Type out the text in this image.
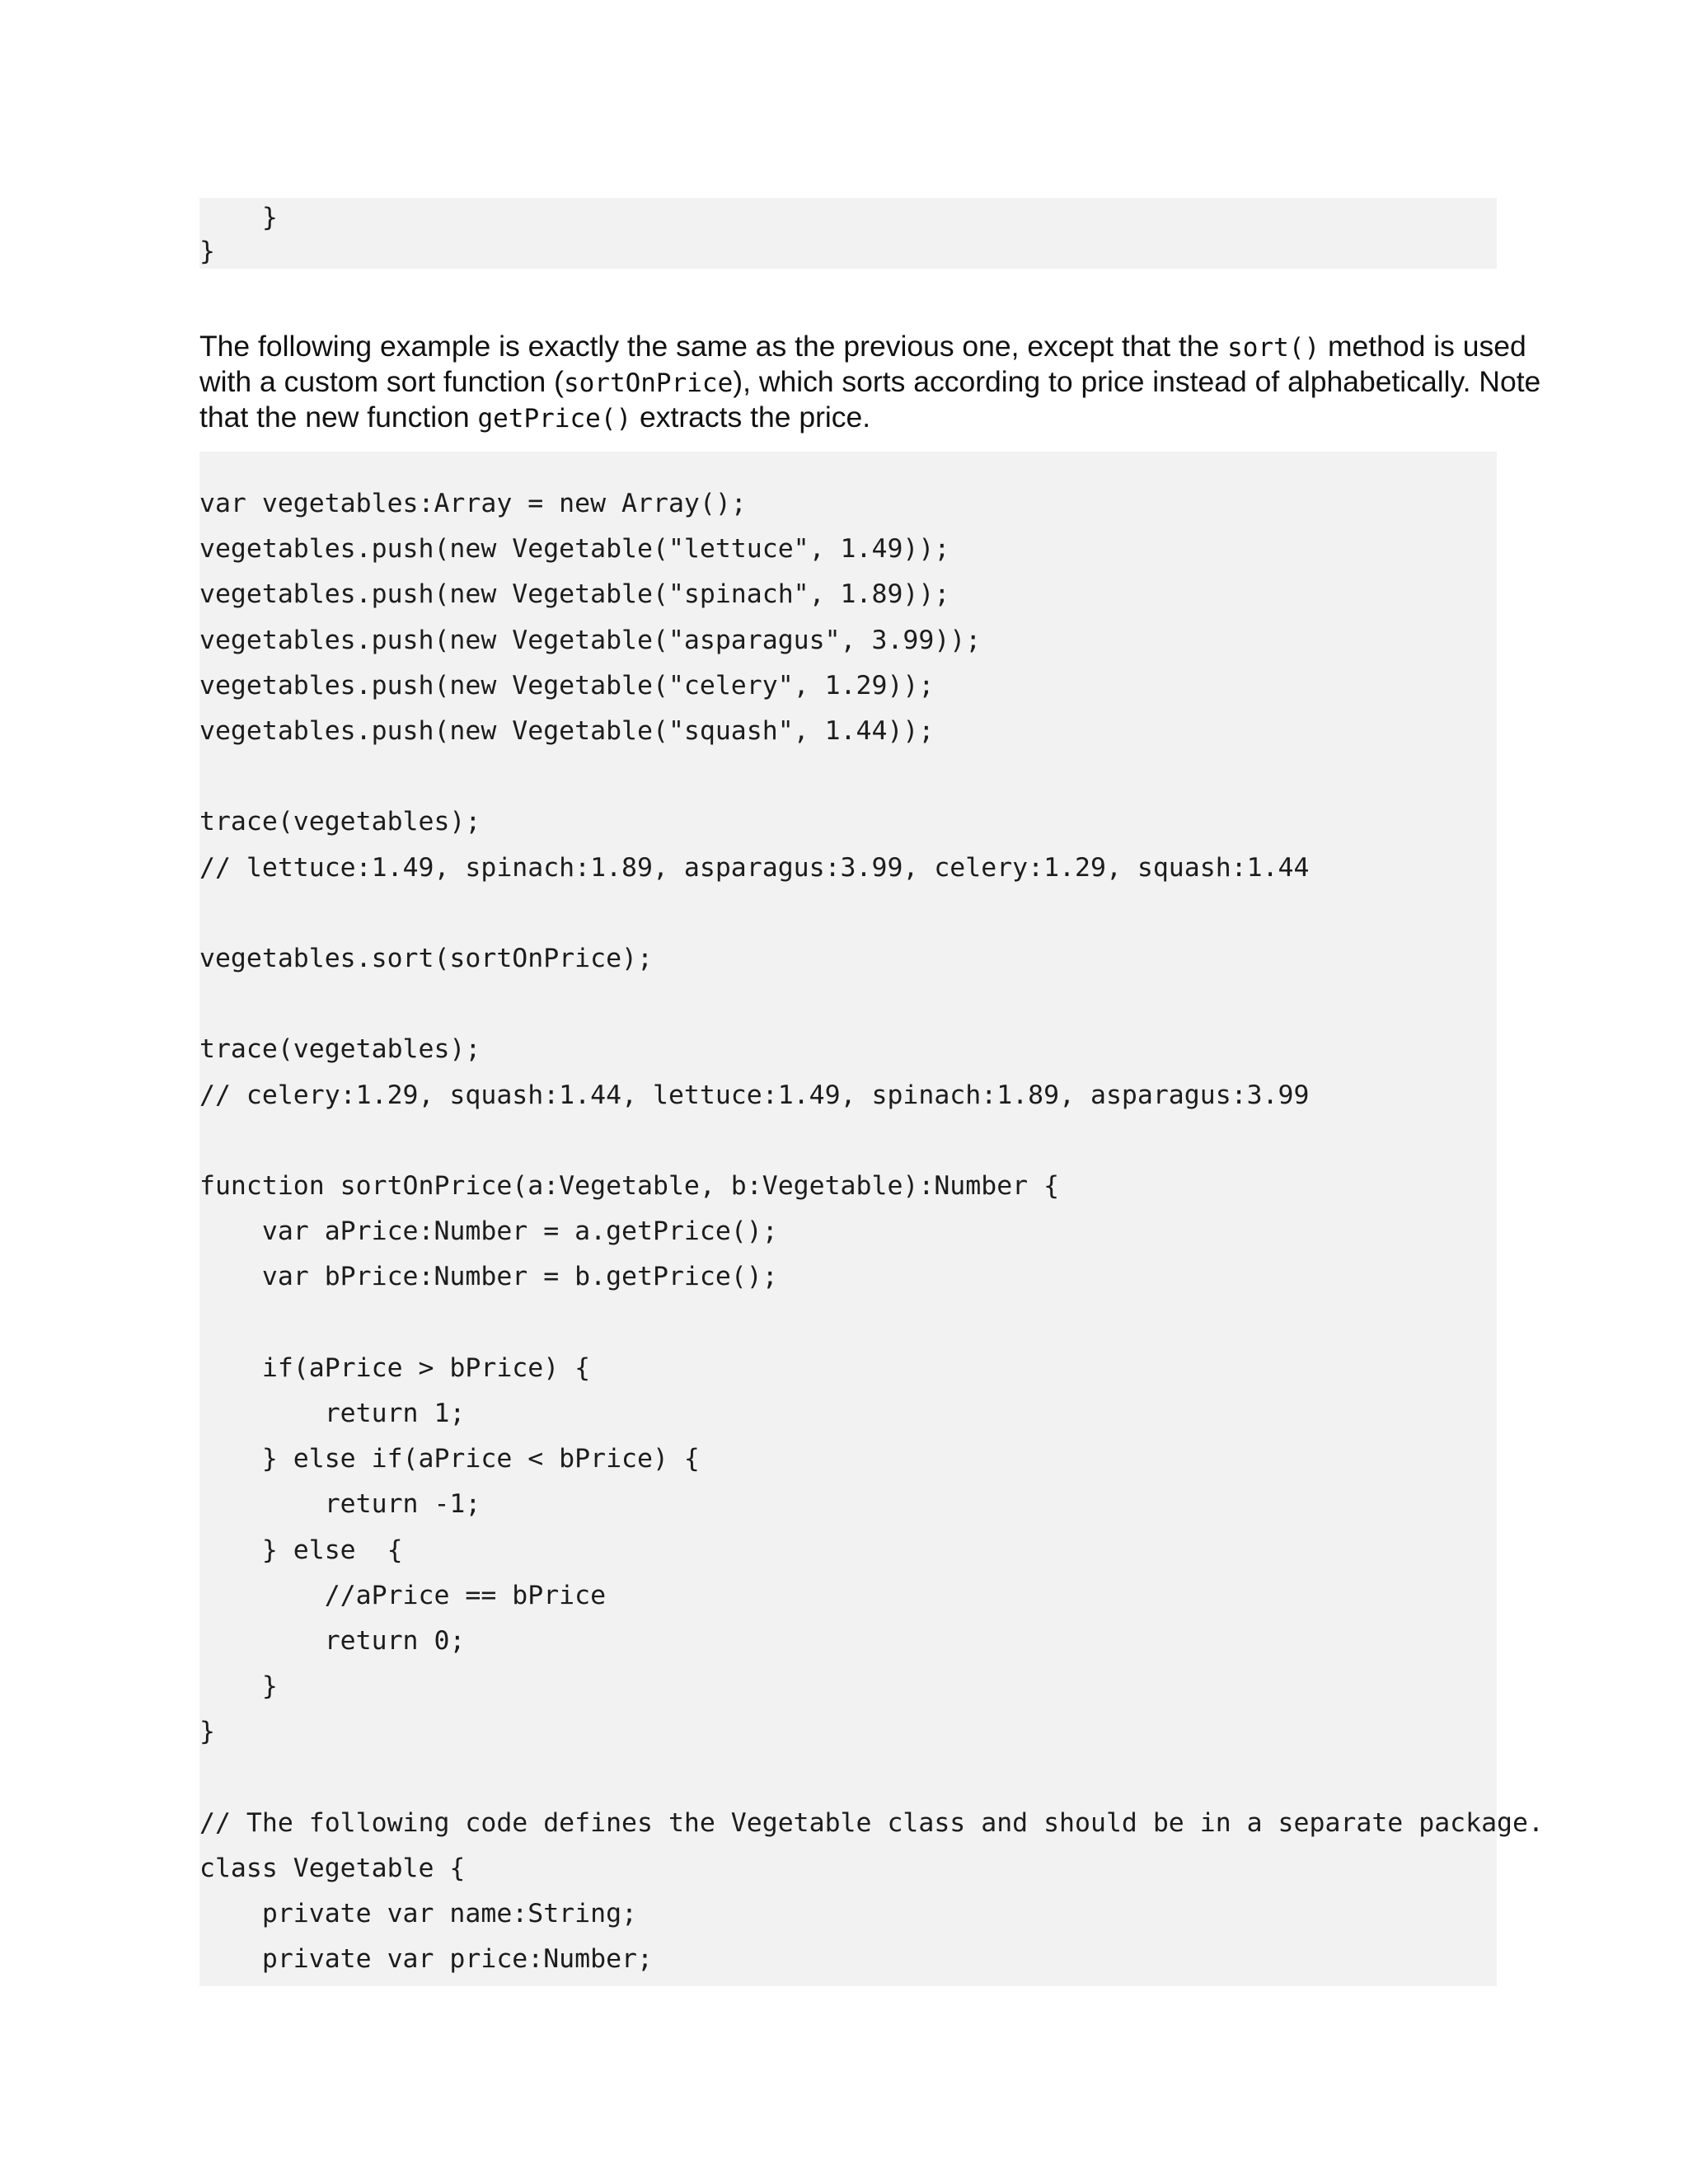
}
}

The following example is exactly the same as the previous one, except that the sort() method is used

with a custom sort function (sortOnPrice), which sorts according to price instead of alphabetically. Note

that the new function getPrice() extracts the price.

var vegetables:Array = new Array();
vegetables.push(new Vegetable("lettuce", 1.49));
vegetables.push(new Vegetable("spinach", 1.89));
vegetables.push(new Vegetable("asparagus", 3.99));
vegetables.push(new Vegetable("celery", 1.29));
vegetables.push(new Vegetable("squash", 1.44));
trace(vegetables);
// lettuce:1.49, spinach:1.89, asparagus:3.99, celery:1.29, squash:1.44
vegetables.sort(sortOnPrice);
trace(vegetables);
// celery:1.29, squash:1.44, lettuce:1.49, spinach:1.89, asparagus:3.99
function sortOnPrice(a:Vegetable, b:Vegetable):Number {
var aPrice:Number = a.getPrice();
var bPrice:Number = b.getPrice();
if(aPrice > bPrice) {
return 1;
} else if(aPrice < bPrice) {
return -1;
} else  {
//aPrice == bPrice
return 0;
}
}
// The following code defines the Vegetable class and should be in a separate package.
class Vegetable {
private var name:String;
private var price:Number;
